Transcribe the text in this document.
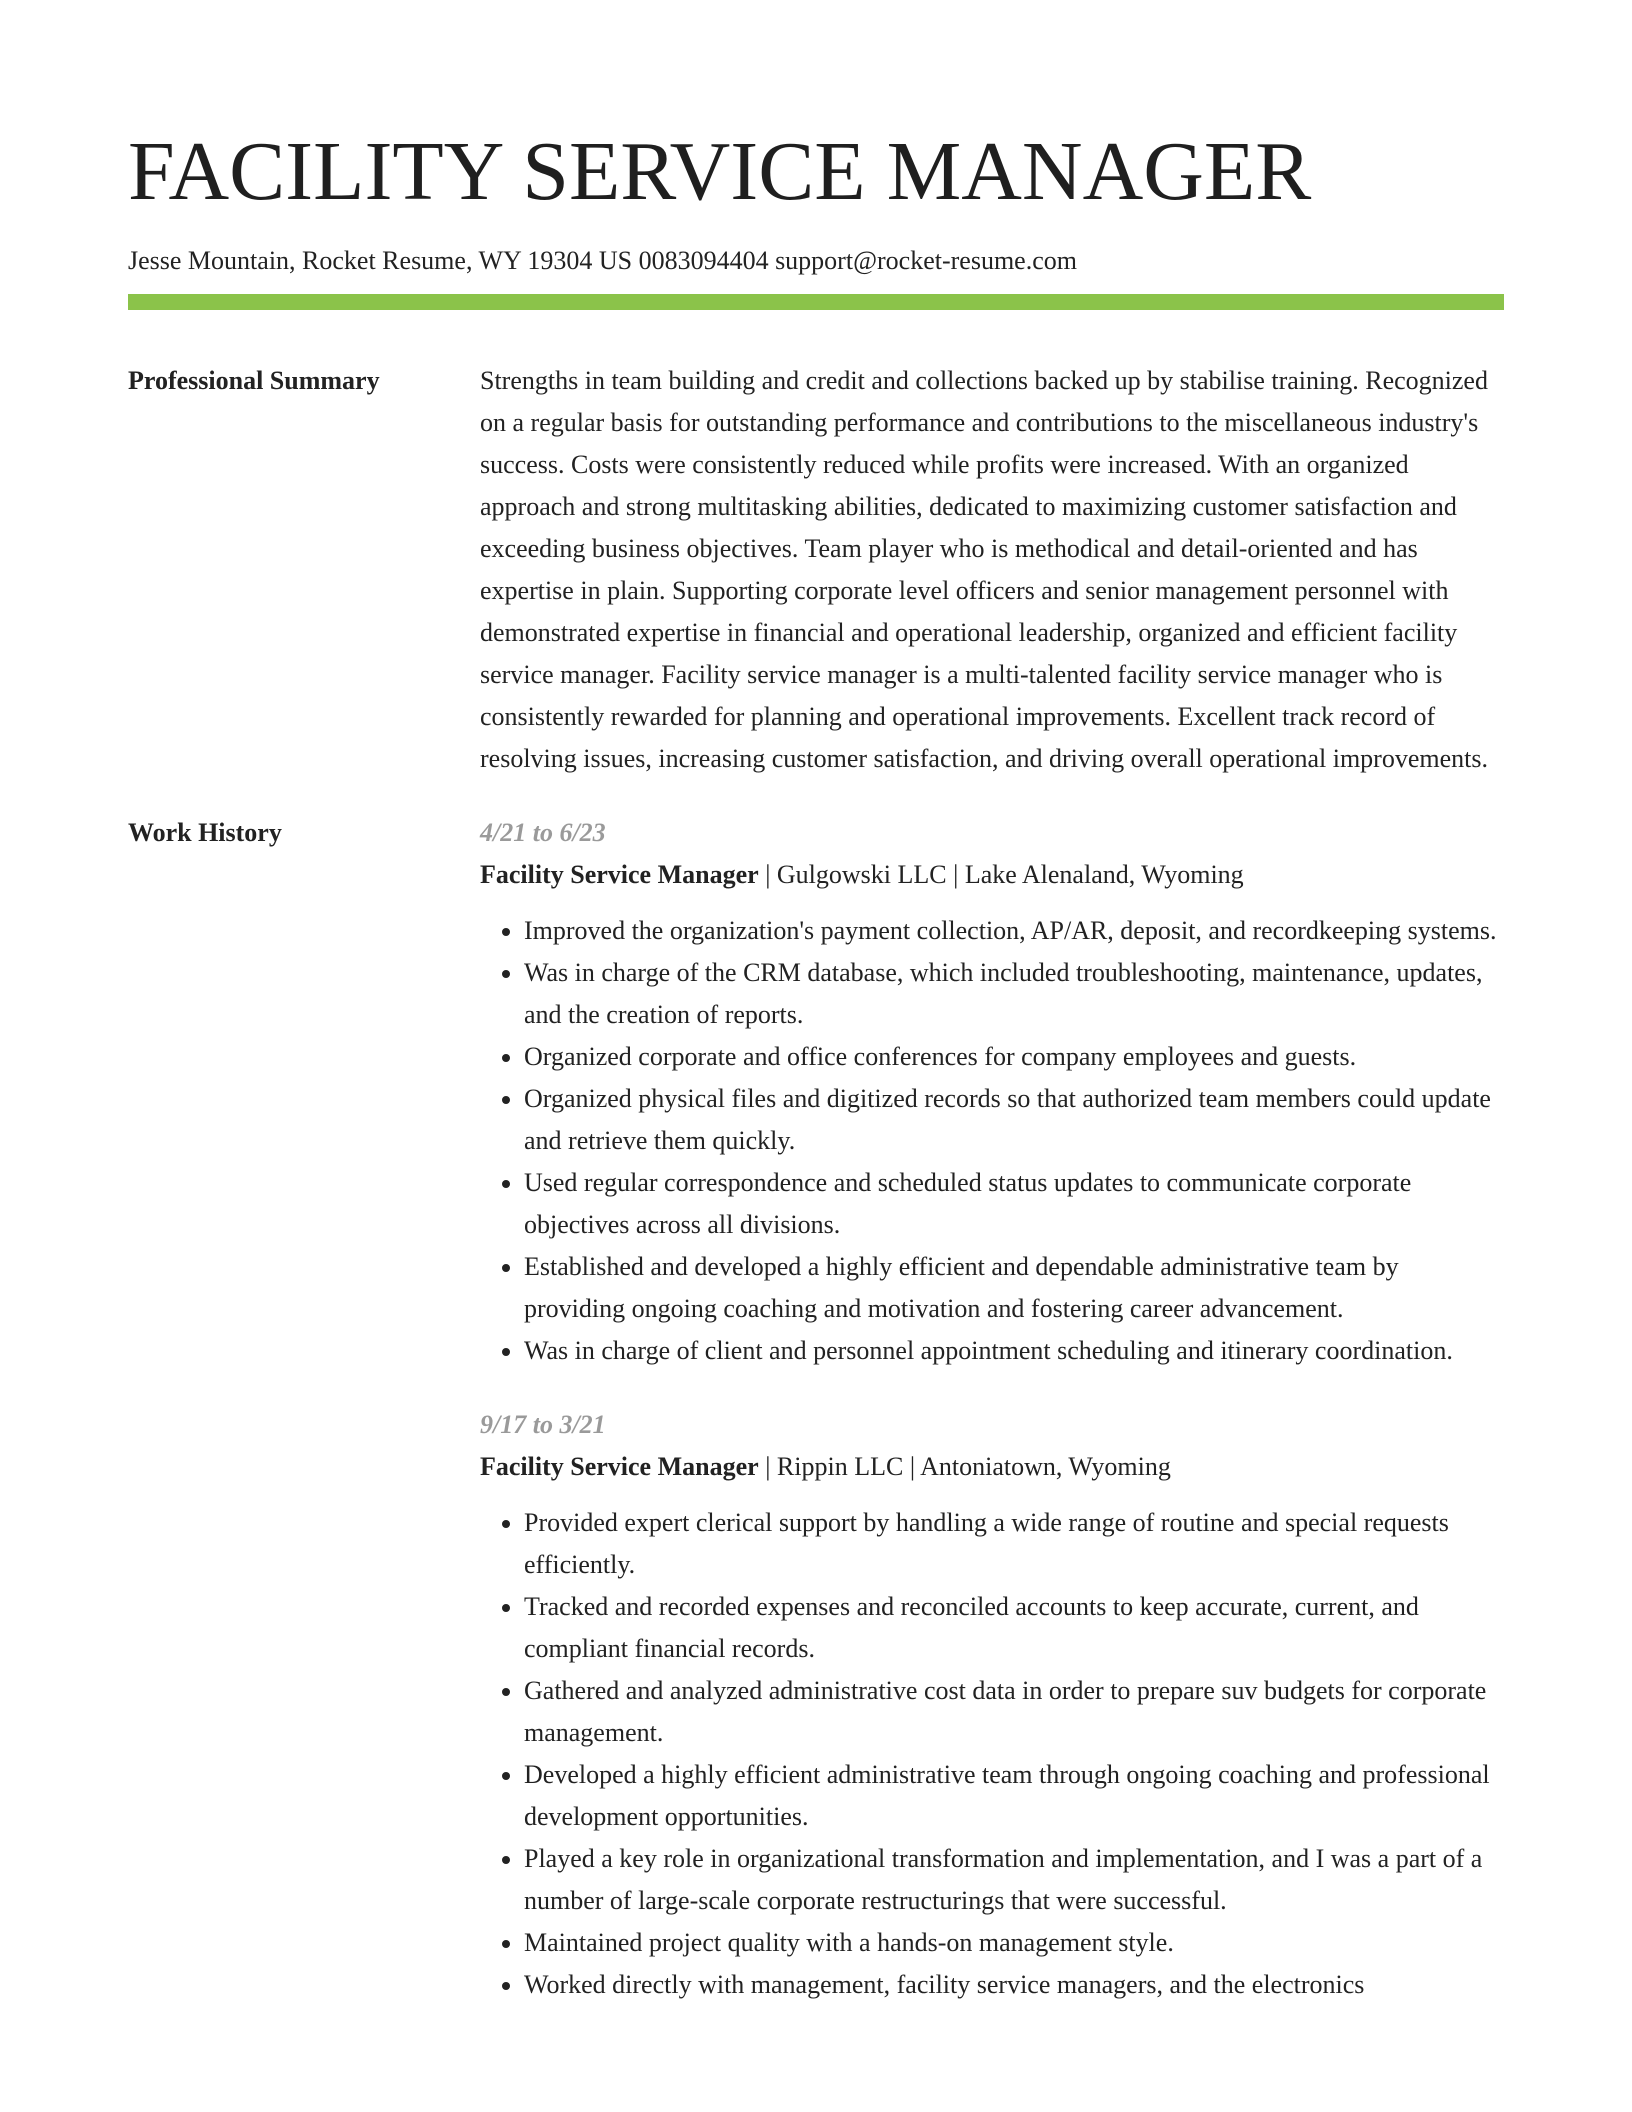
FACILITY SERVICE MANAGER
Jesse Mountain, Rocket Resume, WY 19304 US 0083094404 support@rocket-resume.com
Professional Summary	Strengths in team building and credit and collections backed up by stabilise training. Recognized on a regular basis for outstanding performance and contributions to the miscellaneous industry's success. Costs were consistently reduced while profits were increased. With an organized approach and strong multitasking abilities, dedicated to maximizing customer satisfaction and exceeding business objectives. Team player who is methodical and detail-oriented and has expertise in plain. Supporting corporate level officers and senior management personnel with demonstrated expertise in financial and operational leadership, organized and efficient facility service manager. Facility service manager is a multi-talented facility service manager who is consistently rewarded for planning and operational improvements. Excellent track record of resolving issues, increasing customer satisfaction, and driving overall operational improvements.

Work History	4/21 to 6/23
Facility Service Manager | Gulgowski LLC | Lake Alenaland, Wyoming
• Improved the organization's payment collection, AP/AR, deposit, and recordkeeping systems.
• Was in charge of the CRM database, which included troubleshooting, maintenance, updates, and the creation of reports.
• Organized corporate and office conferences for company employees and guests.
• Organized physical files and digitized records so that authorized team members could update and retrieve them quickly.
• Used regular correspondence and scheduled status updates to communicate corporate objectives across all divisions.
• Established and developed a highly efficient and dependable administrative team by providing ongoing coaching and motivation and fostering career advancement.
• Was in charge of client and personnel appointment scheduling and itinerary coordination.
9/17 to 3/21
Facility Service Manager | Rippin LLC | Antoniatown, Wyoming
• Provided expert clerical support by handling a wide range of routine and special requests efficiently.
• Tracked and recorded expenses and reconciled accounts to keep accurate, current, and compliant financial records.
• Gathered and analyzed administrative cost data in order to prepare suv budgets for corporate management.
• Developed a highly efficient administrative team through ongoing coaching and professional development opportunities.
• Played a key role in organizational transformation and implementation, and I was a part of a number of large-scale corporate restructurings that were successful.
• Maintained project quality with a hands-on management style.
• Worked directly with management, facility service managers, and the electronics
